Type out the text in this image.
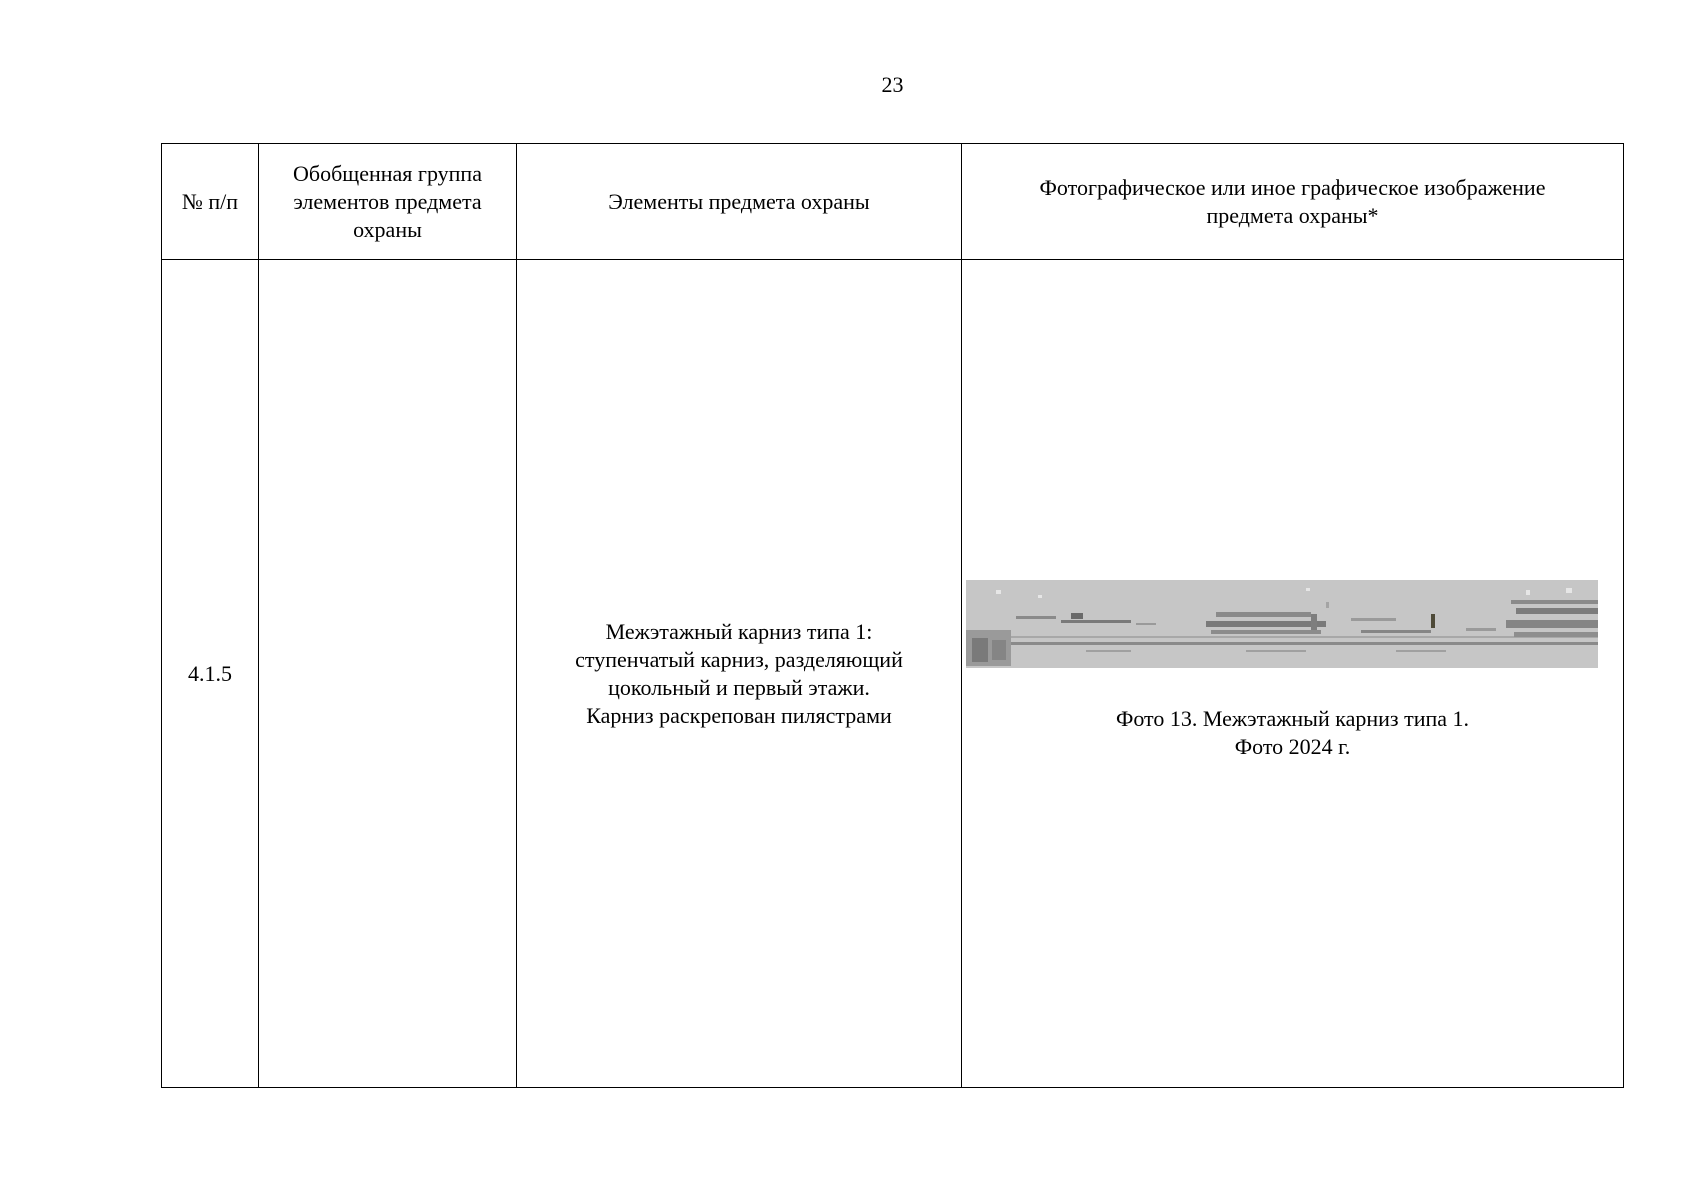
23
№ п/п	Обобщенная группа
элементов предмета
охраны	Элементы предмета охраны	Фотографическое или иное графическое изображение
предмета охраны*

4.1.5		Межэтажный карниз типа 1:
ступенчатый карниз, разделяющий
цокольный и первый этажи.
Карниз раскрепован пилястрами	Фото 13. Межэтажный карниз типа 1.
Фото 2024 г.
